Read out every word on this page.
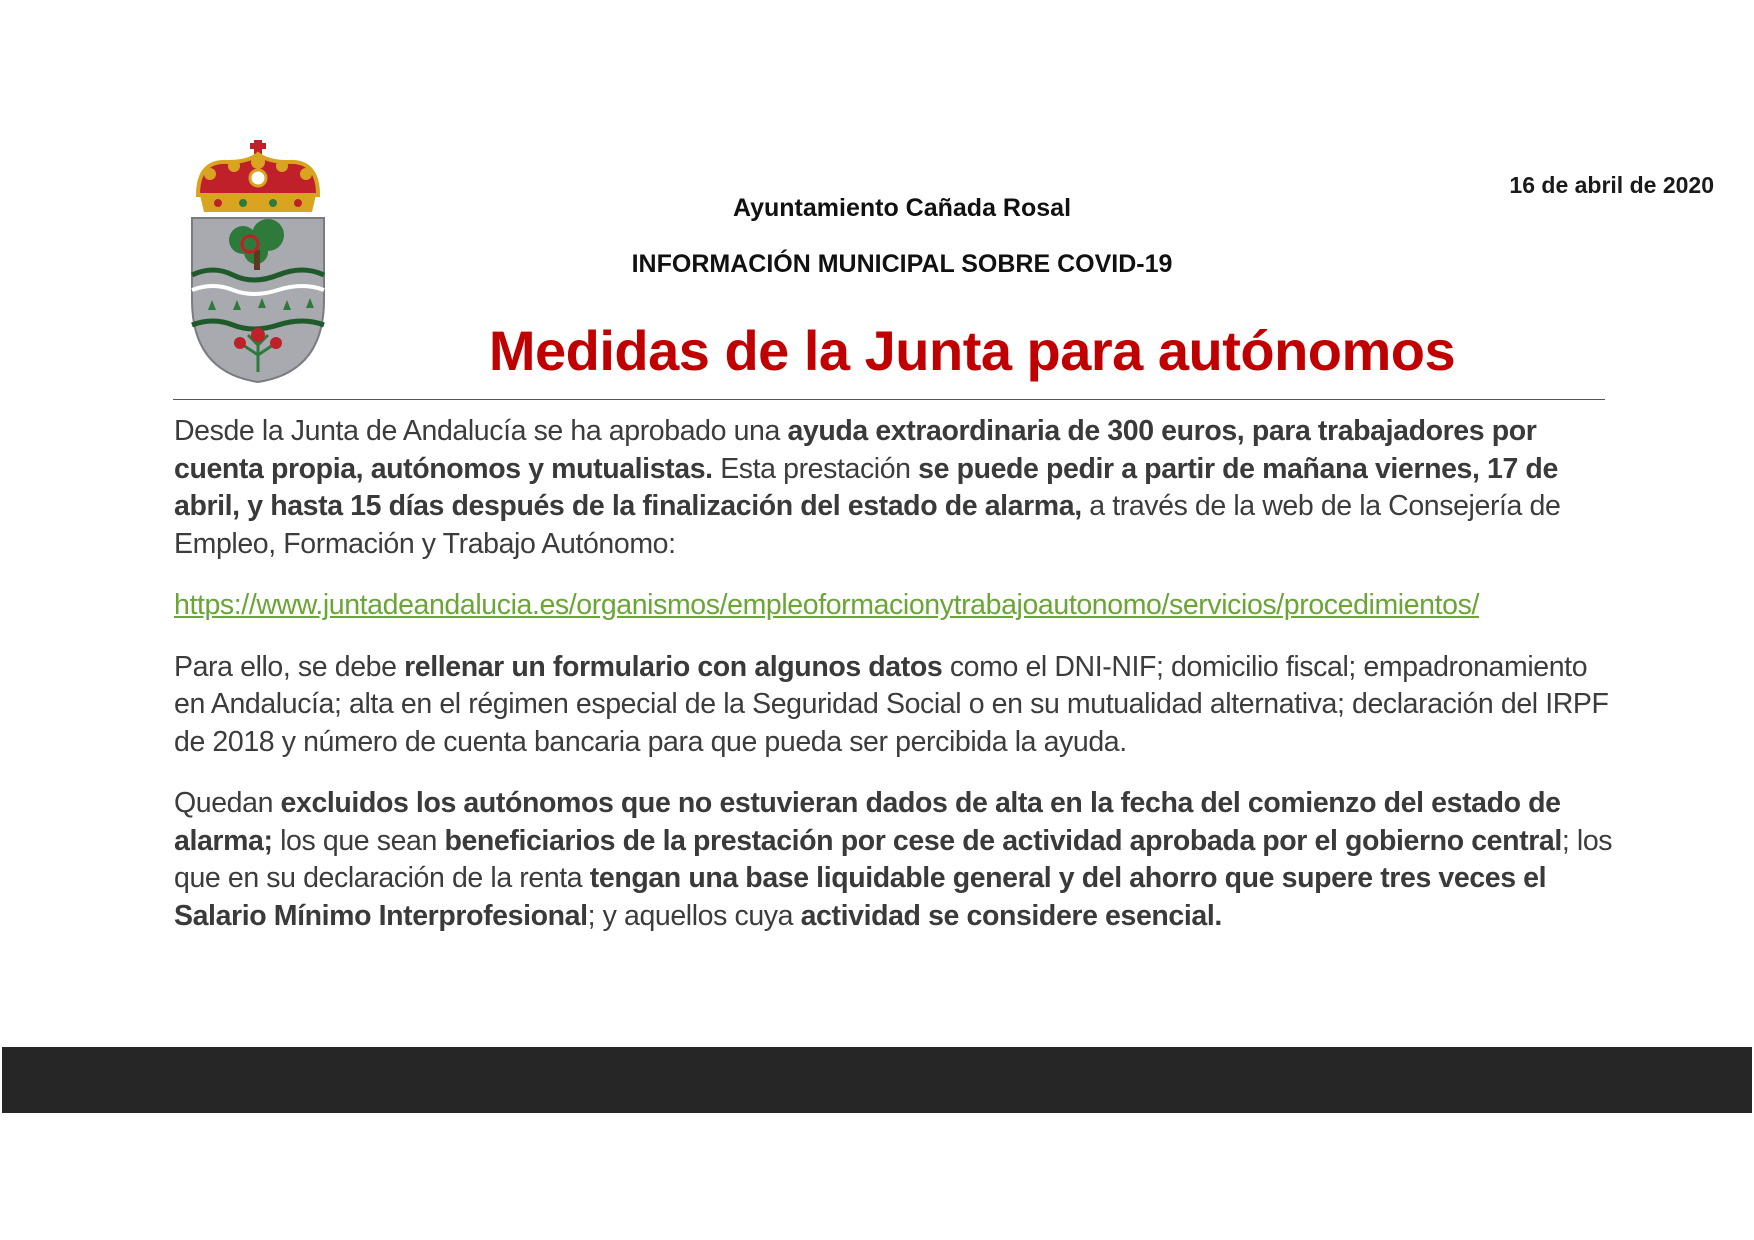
16 de abril de 2020
Ayuntamiento Cañada Rosal
INFORMACIÓN MUNICIPAL SOBRE COVID-19
Medidas de la Junta para autónomos

Desde la Junta de Andalucía se ha aprobado una ayuda extraordinaria de 300 euros, para trabajadores por cuenta propia, autónomos y mutualistas. Esta prestación se puede pedir a partir de mañana viernes, 17 de abril, y hasta 15 días después de la finalización del estado de alarma, a través de la web de la Consejería de Empleo, Formación y Trabajo Autónomo:

https://www.juntadeandalucia.es/organismos/empleoformacionytrabajoautonomo/servicios/procedimientos/

Para ello, se debe rellenar un formulario con algunos datos como el DNI-NIF; domicilio fiscal; empadronamiento en Andalucía; alta en el régimen especial de la Seguridad Social o en su mutualidad alternativa; declaración del IRPF de 2018 y número de cuenta bancaria para que pueda ser percibida la ayuda.

Quedan excluidos los autónomos que no estuvieran dados de alta en la fecha del comienzo del estado de alarma; los que sean beneficiarios de la prestación por cese de actividad aprobada por el gobierno central; los que en su declaración de la renta tengan una base liquidable general y del ahorro que supere tres veces el Salario Mínimo Interprofesional; y aquellos cuya actividad se considere esencial.
